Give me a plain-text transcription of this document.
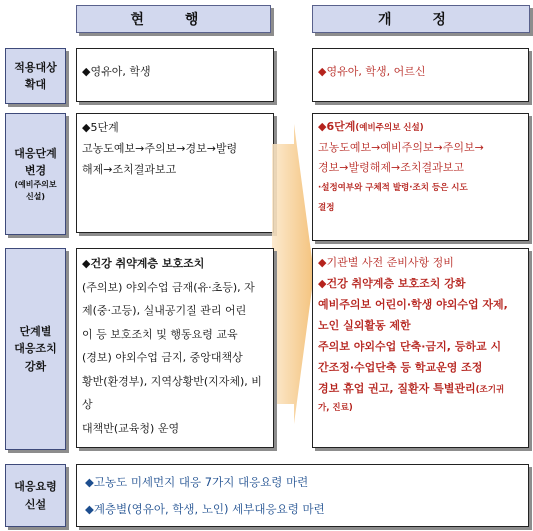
현 행	개 정
적용대상
확대
◆영유아, 학생	◆영유아, 학생, 어르신
대응단계
변경
(예비주의보
신설)
◆5단계
고농도예보→주의보→경보→발령
해제→조치결과보고
◆6단계(예비주의보 신설)
고농도예보→예비주의보→주의보→
경보→발령해제→조치결과보고
·설정여부와 구체적 발령·조치 등은 시도
결정
단계별
대응조치
강화
◆건강 취약계층 보호조치
(주의보) 야외수업 금재(유·초등), 자
제(중·고등), 실내공기질 관리 어린
이 등 보호조치 및 행동요령 교육
(경보) 야외수업 금지, 중앙대책상
황반(환경부), 지역상황반(지자체), 비상
대책반(교육청) 운영
◆기관별 사전 준비사항 정비
◆건강 취약계층 보호조치 강화
예비주의보 어린이·학생 야외수업 자제,
노인 실외활동 제한
주의보 야외수업 단축·금지, 등하교 시
간조정·수업단축 등 학교운영 조정
경보 휴업 권고, 질환자 특별관리(조기귀
가, 진료)
대응요령
신설
◆고농도 미세먼지 대응 7가지 대응요령 마련
◆계층별(영유아, 학생, 노인) 세부대응요령 마련
